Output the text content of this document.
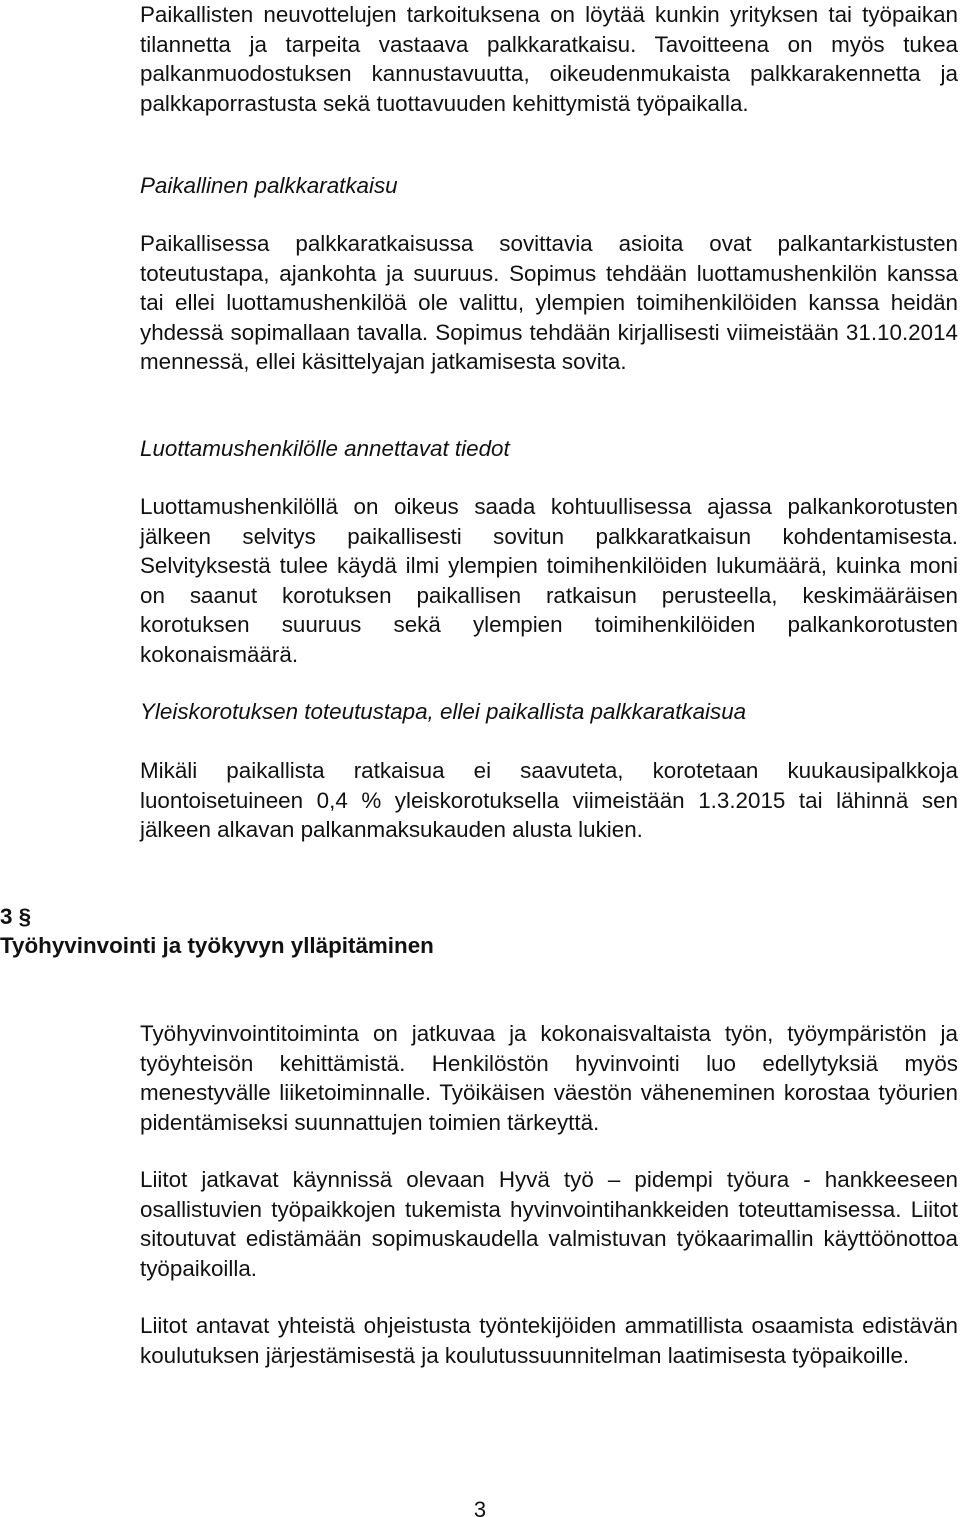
Paikallisten neuvottelujen tarkoituksena on löytää kunkin yrityksen tai työpaikan tilannetta ja tarpeita vastaava palkkaratkaisu. Tavoitteena on myös tukea palkanmuodostuksen kannustavuutta, oikeudenmukaista palkkarakennetta ja palkkaporrastusta sekä tuottavuuden kehittymistä työpaikalla.

Paikallinen palkkaratkaisu

Paikallisessa palkkaratkaisussa sovittavia asioita ovat palkantarkistusten toteutustapa, ajankohta ja suuruus. Sopimus tehdään luottamushenkilön kanssa tai ellei luottamushenkilöä ole valittu, ylempien toimihenkilöiden kanssa heidän yhdessä sopimallaan tavalla. Sopimus tehdään kirjallisesti viimeistään 31.10.2014 mennessä, ellei käsittelyajan jatkamisesta sovita.

Luottamushenkilölle annettavat tiedot

Luottamushenkilöllä on oikeus saada kohtuullisessa ajassa palkankorotusten jälkeen selvitys paikallisesti sovitun palkkaratkaisun kohdentamisesta. Selvityksestä tulee käydä ilmi ylempien toimihenkilöiden lukumäärä, kuinka moni on saanut korotuksen paikallisen ratkaisun perusteella, keskimääräisen korotuksen suuruus sekä ylempien toimihenkilöiden palkankorotusten kokonaismäärä.

Yleiskorotuksen toteutustapa, ellei paikallista palkkaratkaisua

Mikäli paikallista ratkaisua ei saavuteta, korotetaan kuukausipalkkoja luontoisetuineen 0,4 % yleiskorotuksella viimeistään 1.3.2015 tai lähinnä sen jälkeen alkavan palkanmaksukauden alusta lukien.

3 §
Työhyvinvointi ja työkyvyn ylläpitäminen

Työhyvinvointitoiminta on jatkuvaa ja kokonaisvaltaista työn, työympäristön ja työyhteisön kehittämistä. Henkilöstön hyvinvointi luo edellytyksiä myös menestyvälle liiketoiminnalle. Työikäisen väestön väheneminen korostaa työurien pidentämiseksi suunnattujen toimien tärkeyttä.

Liitot jatkavat käynnissä olevaan Hyvä työ – pidempi työura - hankkeeseen osallistuvien työpaikkojen tukemista hyvinvointihankkeiden toteuttamisessa. Liitot sitoutuvat edistämään sopimuskaudella valmistuvan työkaarimallin käyttöönottoa työpaikoilla.

Liitot antavat yhteistä ohjeistusta työntekijöiden ammatillista osaamista edistävän koulutuksen järjestämisestä ja koulutussuunnitelman laatimisesta työpaikoille.

3
